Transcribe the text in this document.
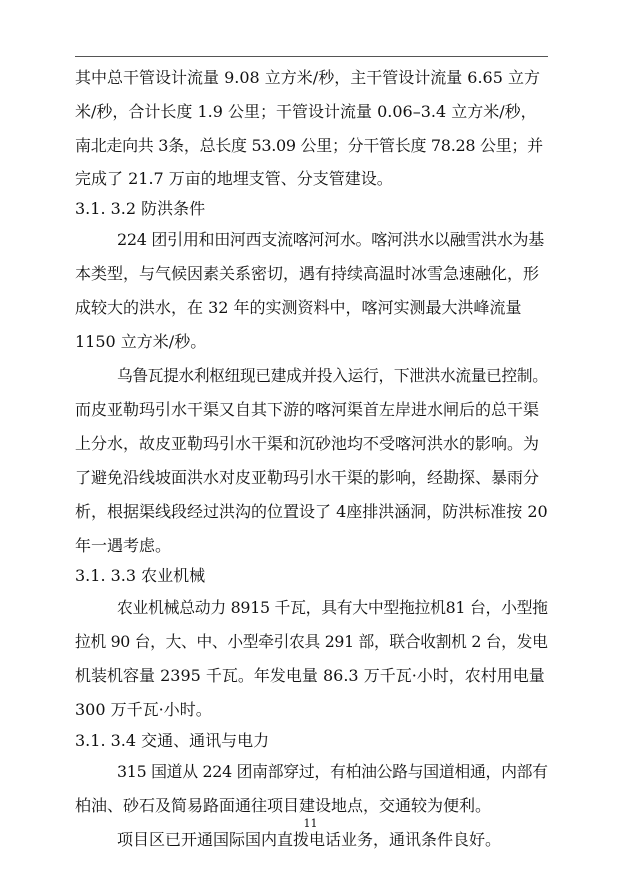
其中总干管设计流量 9.08 立方米/秒，主干管设计流量 6.65 立方

米/秒，合计长度 1.9 公里；干管设计流量 0.06–3.4 立方米/秒，

南北走向共 3条，总长度 53.09 公里；分干管长度 78.28 公里；并

完成了 21.7 万亩的地埋支管、分支管建设。

3.1. 3.2 防洪条件

224 团引用和田河西支流喀河河水。喀河洪水以融雪洪水为基

本类型，与气候因素关系密切，遇有持续高温时冰雪急速融化，形

成较大的洪水，在 32 年的实测资料中，喀河实测最大洪峰流量

1150 立方米/秒。

乌鲁瓦提水利枢纽现已建成并投入运行，下泄洪水流量已控制。

而皮亚勒玛引水干渠又自其下游的喀河渠首左岸进水闸后的总干渠

上分水，故皮亚勒玛引水干渠和沉砂池均不受喀河洪水的影响。为

了避免沿线坡面洪水对皮亚勒玛引水干渠的影响，经勘探、暴雨分

析，根据渠线段经过洪沟的位置设了 4座排洪涵洞，防洪标准按 20

年一遇考虑。

3.1. 3.3 农业机械

农业机械总动力 8915 千瓦，具有大中型拖拉机81 台，小型拖

拉机 90 台，大、中、小型牵引农具 291 部，联合收割机 2 台，发电

机装机容量 2395 千瓦。年发电量 86.3 万千瓦·小时，农村用电量

300 万千瓦·小时。

3.1. 3.4 交通、通讯与电力

315 国道从 224 团南部穿过，有柏油公路与国道相通，内部有

柏油、砂石及简易路面通往项目建设地点，交通较为便利。

项目区已开通国际国内直拨电话业务，通讯条件良好。

11
